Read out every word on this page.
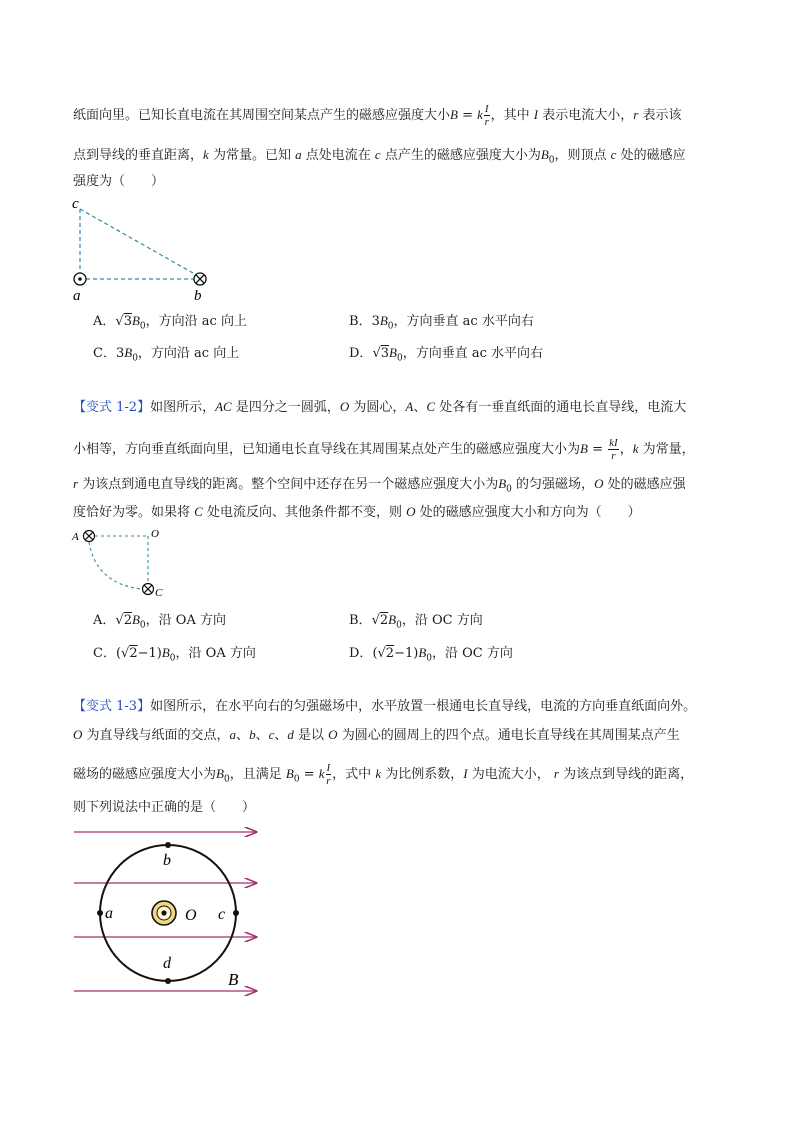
纸面向里。已知长直电流在其周围空间某点产生的磁感应强度大小B = k $\frac{I}{r}$ ，其中 I 表示电流大小，r 表示该
点到导线的垂直距离，k 为常量。已知 a 点处电流在 c 点产生的磁感应强度大小为$B_0$，则顶点 c 处的磁感应
强度为（　　）
c
a	b
A．$√3B_0$，方向沿 ac 向上	B．$3B_0$，方向垂直 ac 水平向右
C．$3B_0$，方向沿 ac 向上	D．$√3B_0$，方向垂直 ac 水平向右
【变式 1-2】如图所示，AC 是四分之一圆弧，O 为圆心，A、C 处各有一垂直纸面的通电长直导线，电流大
小相等，方向垂直纸面向里，已知通电长直导线在其周围某点处产生的磁感应强度大小为$B = \frac{kI}{r}$ ，k 为常量，
r 为该点到通电直导线的距离。整个空间中还存在另一个磁感应强度大小为$B_0$ 的匀强磁场，O 处的磁感应强
度恰好为零。如果将 C 处电流反向、其他条件都不变，则 O 处的磁感应强度大小和方向为（　　）
A	O
C
A．$√2B_0$，沿 OA 方向	B．$√2B_0$，沿 OC 方向
C．$(√2-1)B_0$，沿 OA 方向	D．$(√2-1)B_0$，沿 OC 方向
【变式 1-3】如图所示，在水平向右的匀强磁场中，水平放置一根通电长直导线，电流的方向垂直纸面向外。
O 为直导线与纸面的交点，a、b、c、d 是以 O 为圆心的圆周上的四个点。通电长直导线在其周围某点产生
磁场的磁感应强度大小为$B_0$，且满足 $B_0 = k \frac{I}{r}$ ，式中 k 为比例系数，I 为电流大小， r 为该点到导线的距离，
则下列说法中正确的是（　　）
b
a	O c
d
B
